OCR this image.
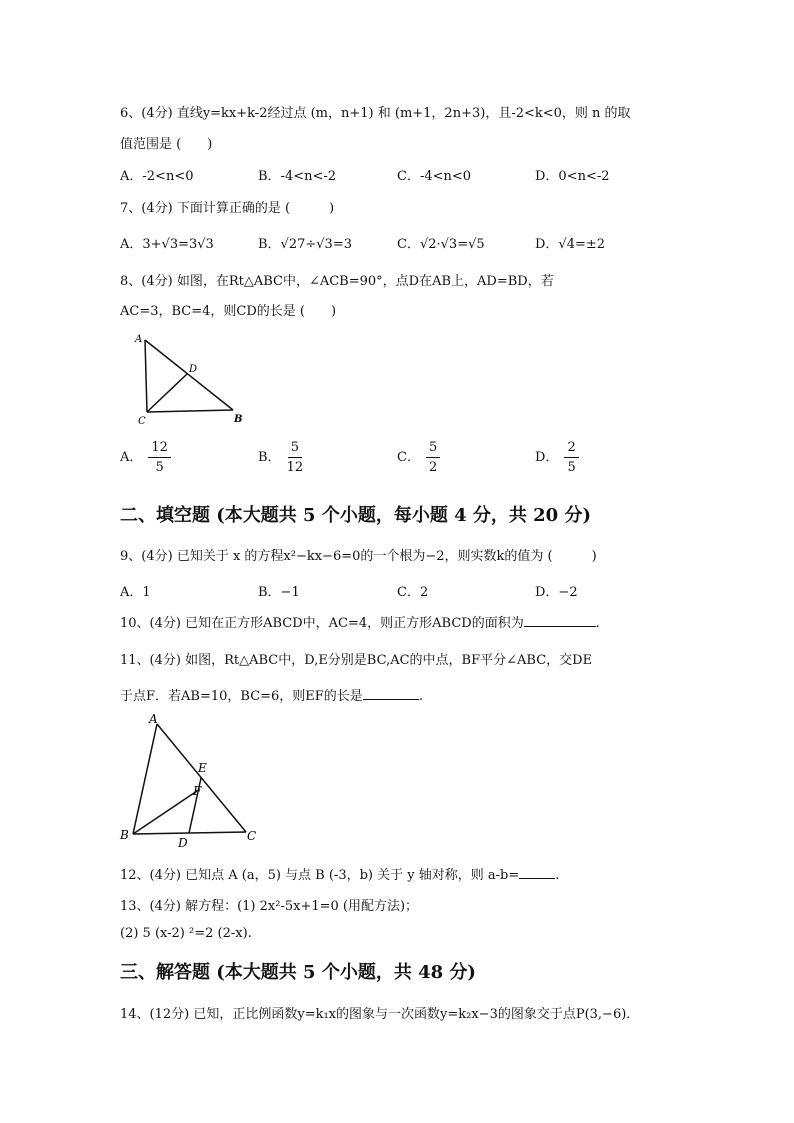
6、(4分) 直线y=kx+k-2经过点 (m，n+1) 和 (m+1，2n+3)，且-2<k<0，则 n 的取
值范围是 (　　)
A．-2<n<0	B．-4<n<-2	C．-4<n<0	D．0<n<-2
7、(4分) 下面计算正确的是 (　　　)
A．3+√3=3√3	B．√27÷√3=3	C．√2·√3=√5	D．√4=±2
8、(4分) 如图，在Rt△ABC中，∠ACB=90°，点D在AB上，AD=BD，若
AC=3，BC=4，则CD的长是 (　　)
A
D
C	B
A． $\frac{12}{5}$	B． $\frac{5}{12}$	C． $\frac{5}{2}$	D． $\frac{2}{5}$
二、填空题 (本大题共 5 个小题，每小题 4 分，共 20 分)
9、(4分) 已知关于 x 的方程x²−kx−6=0的一个根为−2，则实数k的值为 (　　　)
A．1	B．−1	C．2	D．−2
10、(4分) 已知在正方形ABCD中，AC=4，则正方形ABCD的面积为	.
11、(4分) 如图，Rt△ABC中，D,E分别是BC,AC的中点，BF平分∠ABC，交DE
于点F．若AB=10，BC=6，则EF的长是	.
A
E
F
B
D	C
12、(4分) 已知点 A (a，5) 与点 B (-3，b) 关于 y 轴对称，则 a-b=	.
13、(4分) 解方程：(1) 2x²-5x+1=0 (用配方法)；
(2) 5 (x-2) ²=2 (2-x).
三、解答题 (本大题共 5 个小题，共 48 分)
14、(12分) 已知，正比例函数y=k₁x的图象与一次函数y=k₂x−3的图象交于点P(3,−6)．
